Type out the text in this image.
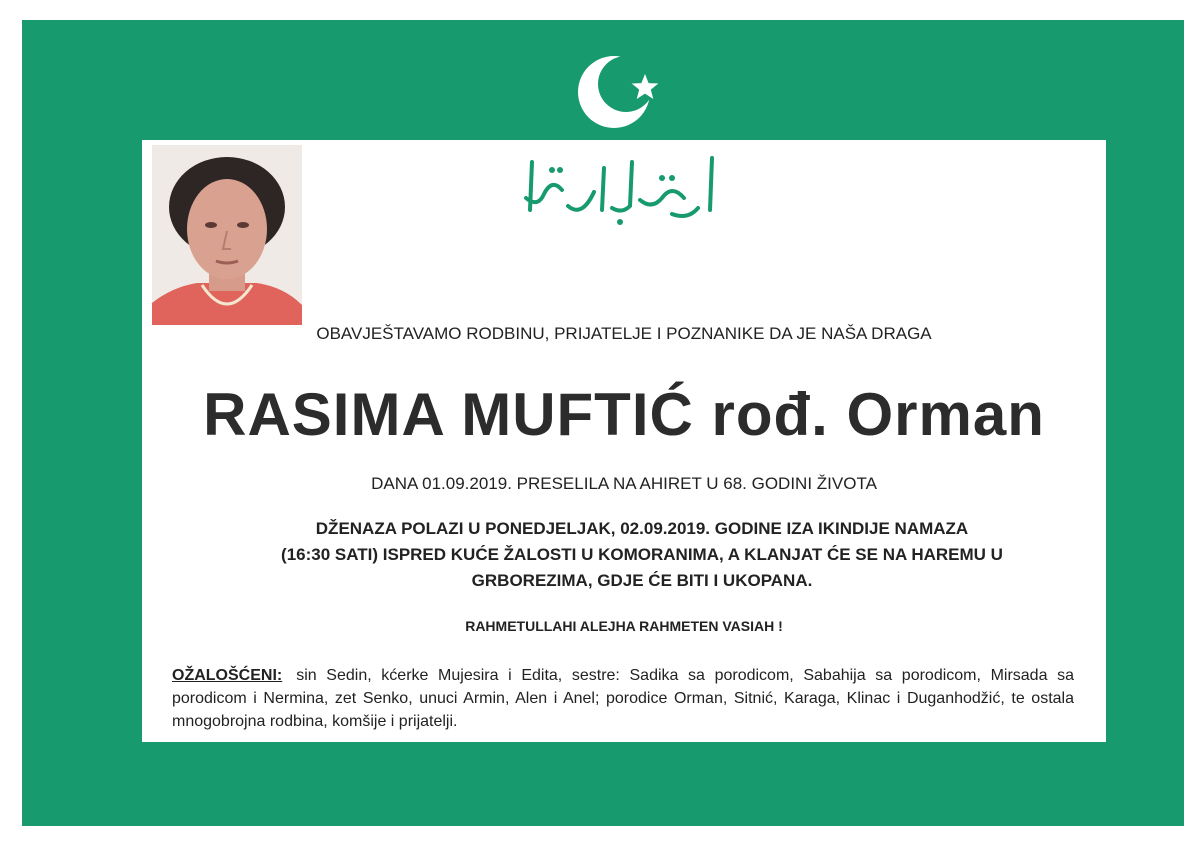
OBAVJEŠTAVAMO RODBINU, PRIJATELJE I POZNANIKE DA JE NAŠA DRAGA
RASIMA MUFTIĆ rođ. Orman
DANA 01.09.2019. PRESELILA NA AHIRET U 68. GODINI ŽIVOTA
DŽENAZA POLAZI U PONEDJELJAK, 02.09.2019. GODINE IZA IKINDIJE NAMAZA
(16:30 SATI) ISPRED KUĆE ŽALOSTI U KOMORANIMA, A KLANJAT ĆE SE NA HAREMU U
GRBOREZIMA, GDJE ĆE BITI I UKOPANA.
RAHMETULLAHI ALEJHA RAHMETEN VASIAH !
OŽALOŠĆENI: sin Sedin, kćerke Mujesira i Edita, sestre: Sadika sa porodicom, Sabahija sa porodicom, Mirsada sa porodicom i Nermina, zet Senko, unuci Armin, Alen i Anel; porodice Orman, Sitnić, Karaga, Klinac i Duganhodžić, te ostala mnogobrojna rodbina, komšije i prijatelji.
